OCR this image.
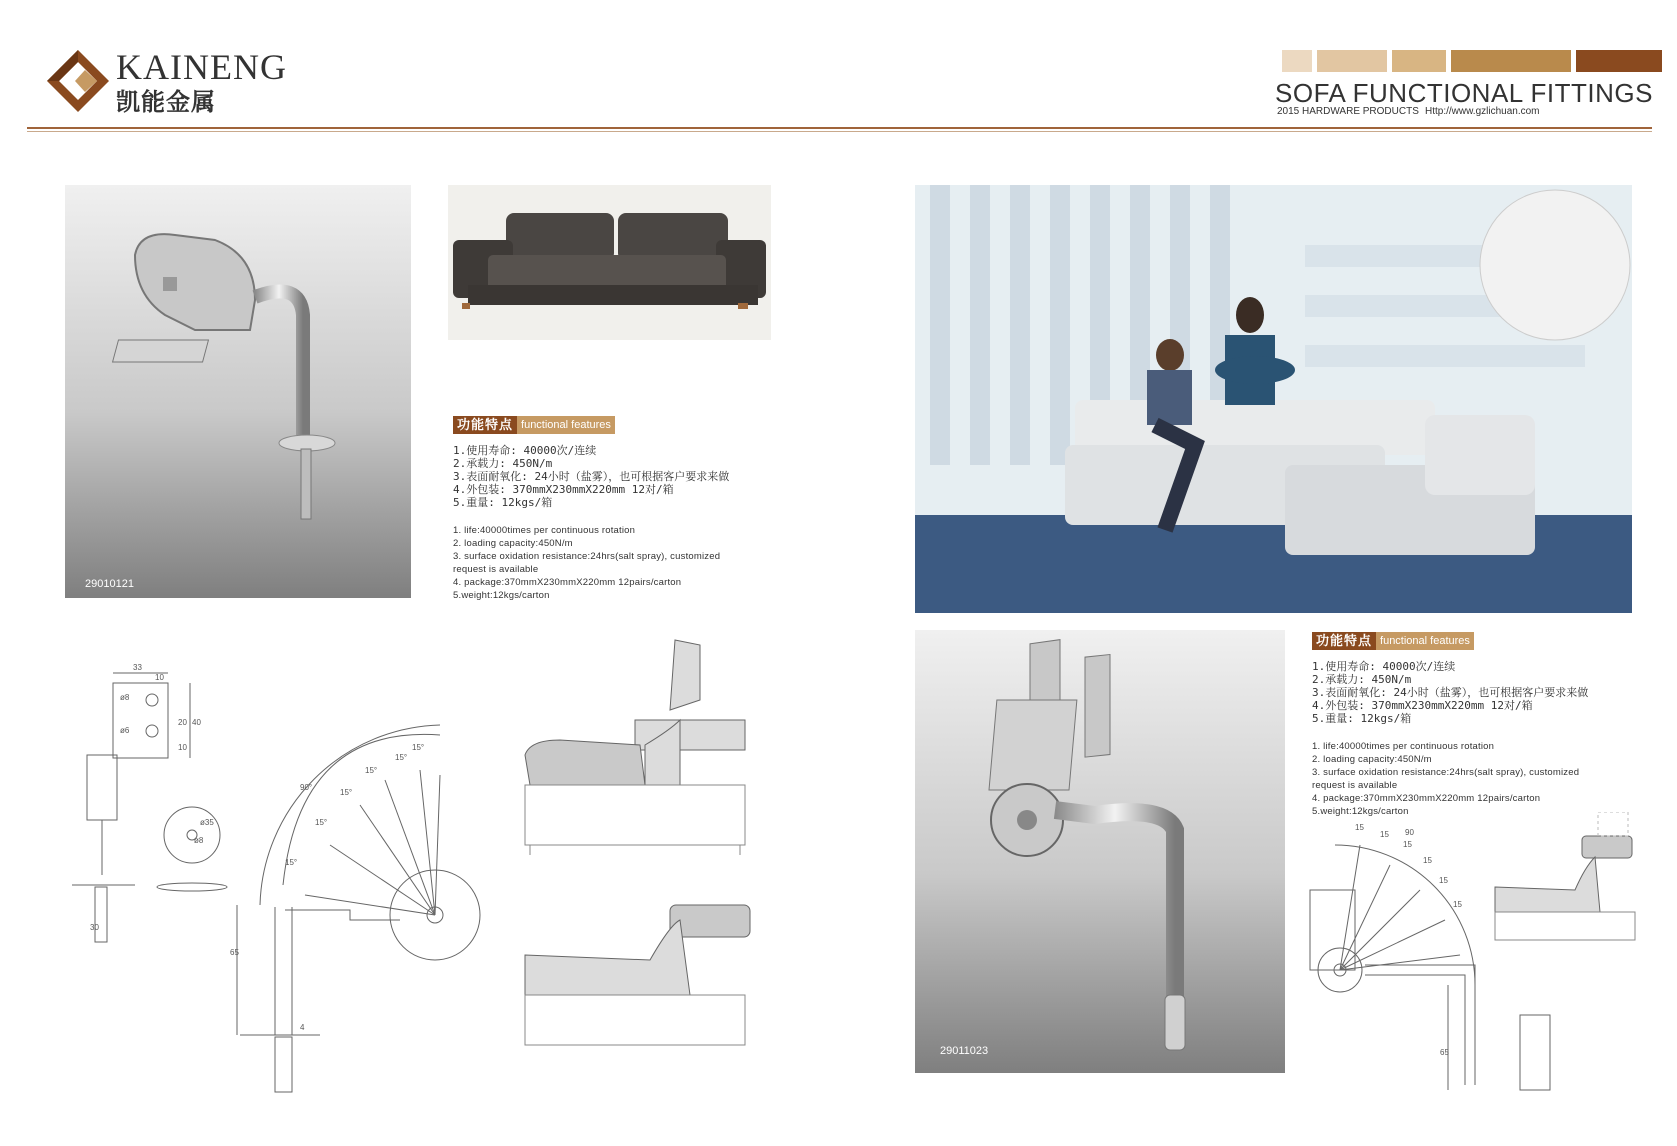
KAINENG
凯能金属	SOFA FUNCTIONAL FITTINGS
2015 HARDWARE PRODUCTS Http://www.gzlichuan.com
29010121
功能特点 functional features
1.使用寿命: 40000次/连续
2.承载力: 450N/m
3.表面耐氧化: 24小时（盐雾），也可根据客户要求来做
4.外包装: 370mmX230mmX220mm 12对/箱
5.重量: 12kgs/箱
1. life:40000times per continuous rotation
2. loading capacity:450N/m
3. surface oxidation resistance:24hrs(salt spray), customized
request is available
4. package:370mmX230mmX220mm 12pairs/carton
5.weight:12kgs/carton
33
10
ø8
ø6
20 40
10
30
ø35
ø8
65
4
90°
15°
15°
15°
15°
15°
15°
29011023
功能特点 functional features
1.使用寿命: 40000次/连续
2.承载力: 450N/m
3.表面耐氧化: 24小时（盐雾），也可根据客户要求来做
4.外包装: 370mmX230mmX220mm 12对/箱
5.重量: 12kgs/箱
1. life:40000times per continuous rotation
2. loading capacity:450N/m
3. surface oxidation resistance:24hrs(salt spray), customized
request is available
4. package:370mmX230mmX220mm 12pairs/carton
5.weight:12kgs/carton
15
15
15
15
15
15
90
65
